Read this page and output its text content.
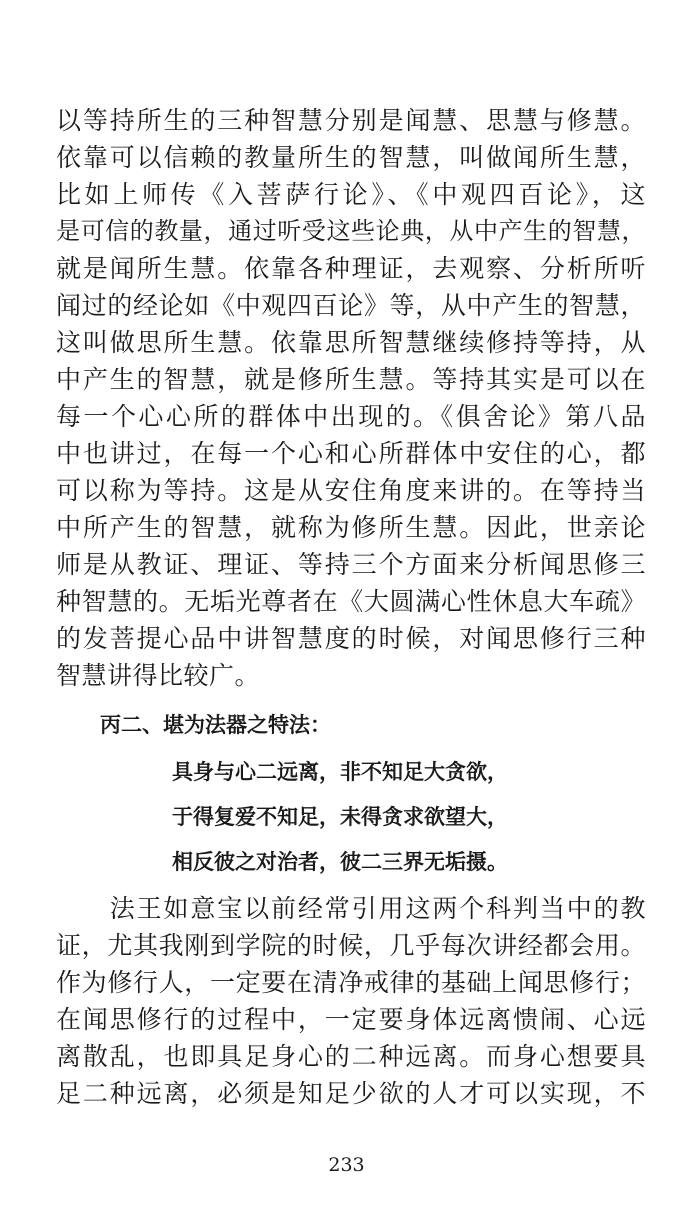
以等持所生的三种智慧分别是闻慧、思慧与修慧。
依靠可以信赖的教量所生的智慧，叫做闻所生慧，
比如上师传《入菩萨行论》、《中观四百论》，这
是可信的教量，通过听受这些论典，从中产生的智慧，
就是闻所生慧。依靠各种理证，去观察、分析所听
闻过的经论如《中观四百论》等，从中产生的智慧，
这叫做思所生慧。依靠思所智慧继续修持等持，从
中产生的智慧，就是修所生慧。等持其实是可以在
每一个心心所的群体中出现的。《俱舍论》第八品
中也讲过，在每一个心和心所群体中安住的心，都
可以称为等持。这是从安住角度来讲的。在等持当
中所产生的智慧，就称为修所生慧。因此，世亲论
师是从教证、理证、等持三个方面来分析闻思修三
种智慧的。无垢光尊者在《大圆满心性休息大车疏》
的发菩提心品中讲智慧度的时候，对闻思修行三种
智慧讲得比较广。
丙二、堪为法器之特法：
具身与心二远离，非不知足大贪欲，
于得复爱不知足，未得贪求欲望大，
相反彼之对治者，彼二三界无垢摄。
　　法王如意宝以前经常引用这两个科判当中的教
证，尤其我刚到学院的时候，几乎每次讲经都会用。
作为修行人，一定要在清净戒律的基础上闻思修行；
在闻思修行的过程中，一定要身体远离愦闹、心远
离散乱，也即具足身心的二种远离。而身心想要具
足二种远离，必须是知足少欲的人才可以实现，不
233
